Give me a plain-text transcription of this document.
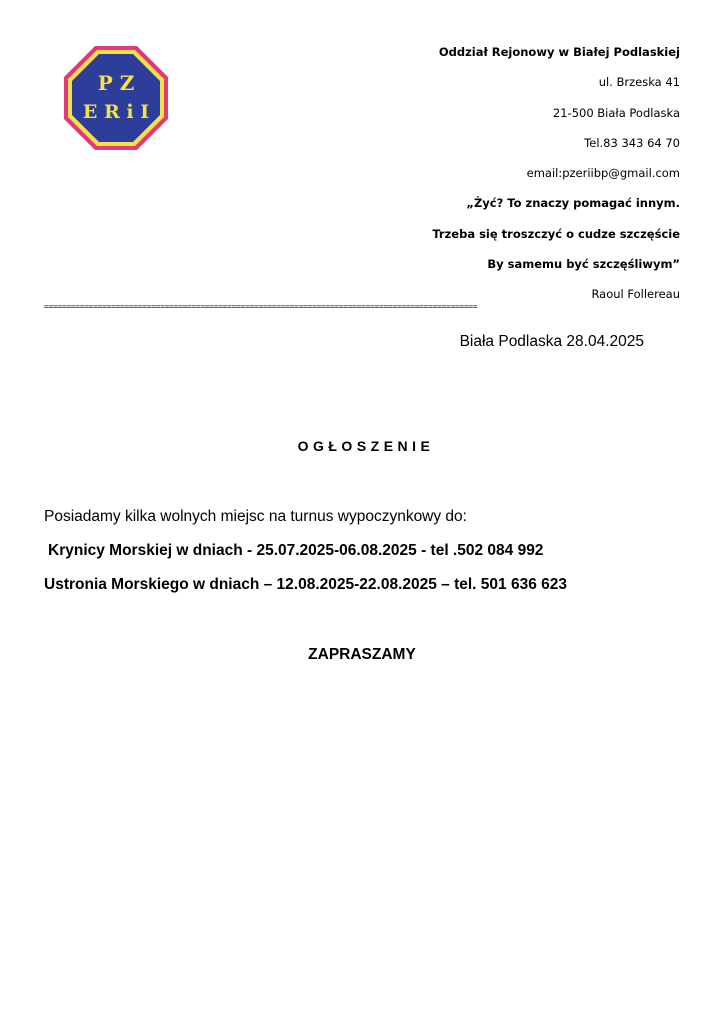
P Z
E R i I
Oddział Rejonowy w Białej Podlaskiej
ul. Brzeska 41
21-500 Biała Podlaska
Tel.83 343 64 70
email:pzeriibp@gmail.com
„Żyć? To znaczy pomagać innym.
Trzeba się troszczyć o cudze szczęście
By samemu być szczęśliwym”
Raoul Follereau
=================================================================================================
Biała Podlaska 28.04.2025
OGŁOSZENIE
Posiadamy kilka wolnych miejsc na turnus wypoczynkowy do:
Krynicy Morskiej w dniach - 25.07.2025-06.08.2025 - tel .502 084 992
Ustronia Morskiego w dniach – 12.08.2025-22.08.2025 – tel. 501 636 623
ZAPRASZAMY
